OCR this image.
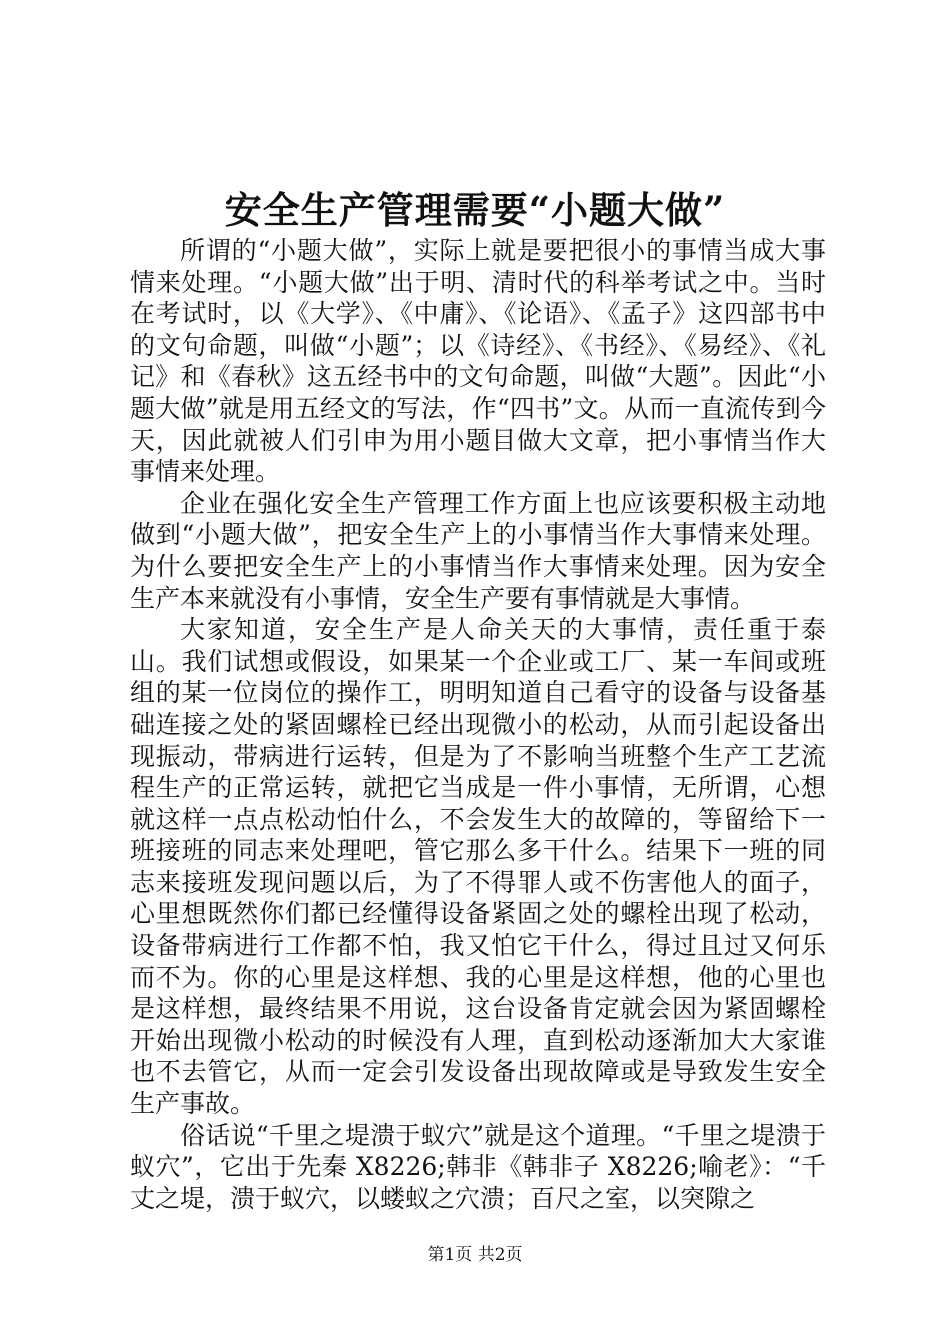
安全生产管理需要“小题大做”

所谓的“小题大做”，实际上就是要把很小的事情当成大事情来处理。“小题大做”出于明、清时代的科举考试之中。当时在考试时，以《大学》、《中庸》、《论语》、《孟子》这四部书中的文句命题，叫做“小题”；以《诗经》、《书经》、《易经》、《礼记》和《春秋》这五经书中的文句命题，叫做“大题”。因此“小题大做”就是用五经文的写法，作“四书”文。从而一直流传到今天，因此就被人们引申为用小题目做大文章，把小事情当作大事情来处理。

企业在强化安全生产管理工作方面上也应该要积极主动地做到“小题大做”，把安全生产上的小事情当作大事情来处理。为什么要把安全生产上的小事情当作大事情来处理。因为安全生产本来就没有小事情，安全生产要有事情就是大事情。

大家知道，安全生产是人命关天的大事情，责任重于泰山。我们试想或假设，如果某一个企业或工厂、某一车间或班组的某一位岗位的操作工，明明知道自己看守的设备与设备基础连接之处的紧固螺栓已经出现微小的松动，从而引起设备出现振动，带病进行运转，但是为了不影响当班整个生产工艺流程生产的正常运转，就把它当成是一件小事情，无所谓，心想就这样一点点松动怕什么，不会发生大的故障的，等留给下一班接班的同志来处理吧，管它那么多干什么。结果下一班的同志来接班发现问题以后，为了不得罪人或不伤害他人的面子，心里想既然你们都已经懂得设备紧固之处的螺栓出现了松动，设备带病进行工作都不怕，我又怕它干什么，得过且过又何乐而不为。你的心里是这样想、我的心里是这样想，他的心里也是这样想，最终结果不用说，这台设备肯定就会因为紧固螺栓开始出现微小松动的时候没有人理，直到松动逐渐加大大家谁也不去管它，从而一定会引发设备出现故障或是导致发生安全生产事故。

俗话说“千里之堤溃于蚁穴”就是这个道理。“千里之堤溃于蚁穴”，它出于先秦 X8226;韩非《韩非子 X8226;喻老》：“千丈之堤，溃于蚁穴，以蝼蚁之穴溃；百尺之室，以突隙之

第1页 共2页
